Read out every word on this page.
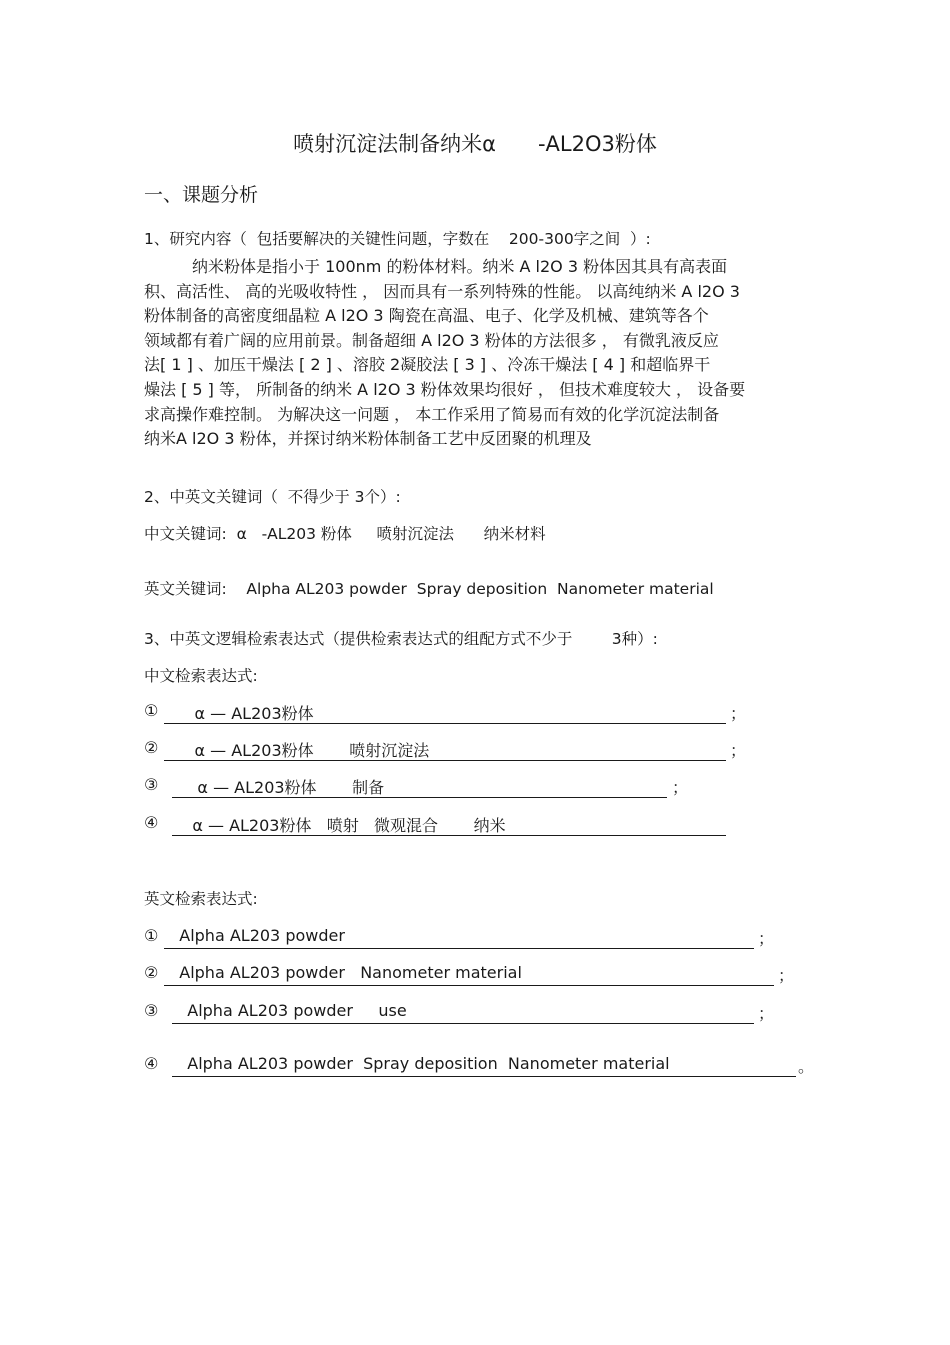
喷射沉淀法制备纳米α　　-AL2O3粉体
一、课题分析
1、研究内容（  包括要解决的关键性问题，字数在    200-300字之间  ）:
纳米粉体是指小于 100nm 的粉体材料。纳米 A l2O 3 粉体因其具有高表面
积、高活性、 高的光吸收特性 ， 因而具有一系列特殊的性能。 以高纯纳米 A l2O 3
粉体制备的高密度细晶粒 A l2O 3 陶瓷在高温、电子、化学及机械、建筑等各个
领域都有着广阔的应用前景。制备超细 A l2O 3 粉体的方法很多 ， 有微乳液反应
法[ 1 ] 、加压干燥法 [ 2 ] 、溶胶 2凝胶法 [ 3 ] 、冷冻干燥法 [ 4 ] 和超临界干
燥法 [ 5 ] 等， 所制备的纳米 A l2O 3 粉体效果均很好 ， 但技术难度较大 ， 设备要
求高操作难控制。 为解决这一问题 ， 本工作采用了简易而有效的化学沉淀法制备
纳米A l2O 3 粉体，并探讨纳米粉体制备工艺中反团聚的机理及
2、中英文关键词（  不得少于 3个）:
中文关键词:  α   -AL203 粉体     喷射沉淀法      纳米材料
英文关键词:    Alpha AL203 powder  Spray deposition  Nanometer material
3、中英文逻辑检索表达式（提供检索表达式的组配方式不少于        3种）:
中文检索表达式:
① α — AL203粉体	；
② α — AL203粉体       喷射沉淀法	；
③ α — AL203粉体       制备	；
④ α — AL203粉体   喷射   微观混合       纳米
英文检索表达式:
① Alpha AL203 powder	；
② Alpha AL203 powder   Nanometer material	；
③ Alpha AL203 powder     use	；
④ Alpha AL203 powder  Spray deposition  Nanometer material	。
